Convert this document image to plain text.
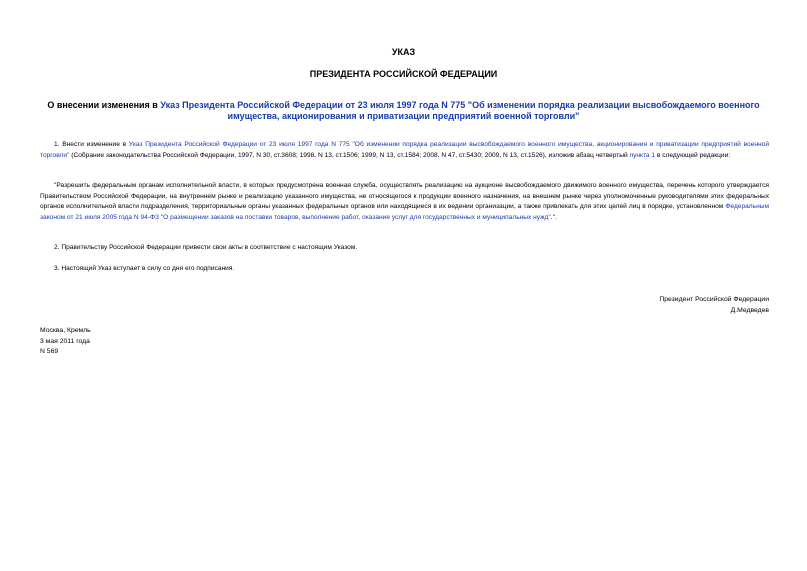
УКАЗ
ПРЕЗИДЕНТА РОССИЙСКОЙ ФЕДЕРАЦИИ
О внесении изменения в Указ Президента Российской Федерации от 23 июля 1997 года N 775 "Об изменении порядка реализации высвобождаемого военного имущества, акционирования и приватизации предприятий военной торговли"
1. Внести изменение в Указ Президента Российской Федерации от 23 июля 1997 года N 775 "Об изменении порядка реализации высвобождаемого военного имущества, акционирования и приватизации предприятий военной торговли" (Собрание законодательства Российской Федерации, 1997, N 30, ст.3608; 1998, N 13, ст.1506; 1999, N 13, ст.1584; 2008, N 47, ст.5430; 2009, N 13, ст.1526), изложив абзац четвертый пункта 1 в следующей редакции:
"Разрешить федеральным органам исполнительной власти, в которых предусмотрена военная служба, осуществлять реализацию на аукционе высвобождаемого движимого военного имущества, перечень которого утверждается Правительством Российской Федерации, на внутреннем рынке и реализацию указанного имущества, не относящегося к продукции военного назначения, на внешнем рынке через уполномоченные руководителями этих федеральных органов исполнительной власти подразделения, территориальные органы указанных федеральных органов или находящиеся в их ведении организации, а также привлекать для этих целей лиц в порядке, установленном Федеральным законом от 21 июля 2005 года N 94-ФЗ "О размещении заказов на поставки товаров, выполнение работ, оказание услуг для государственных и муниципальных нужд".".
2. Правительству Российской Федерации привести свои акты в соответствие с настоящим Указом.
3. Настоящий Указ вступает в силу со дня его подписания.
Президент Российской Федерации
Д.Медведев
Москва, Кремль
3 мая 2011 года
N 569
